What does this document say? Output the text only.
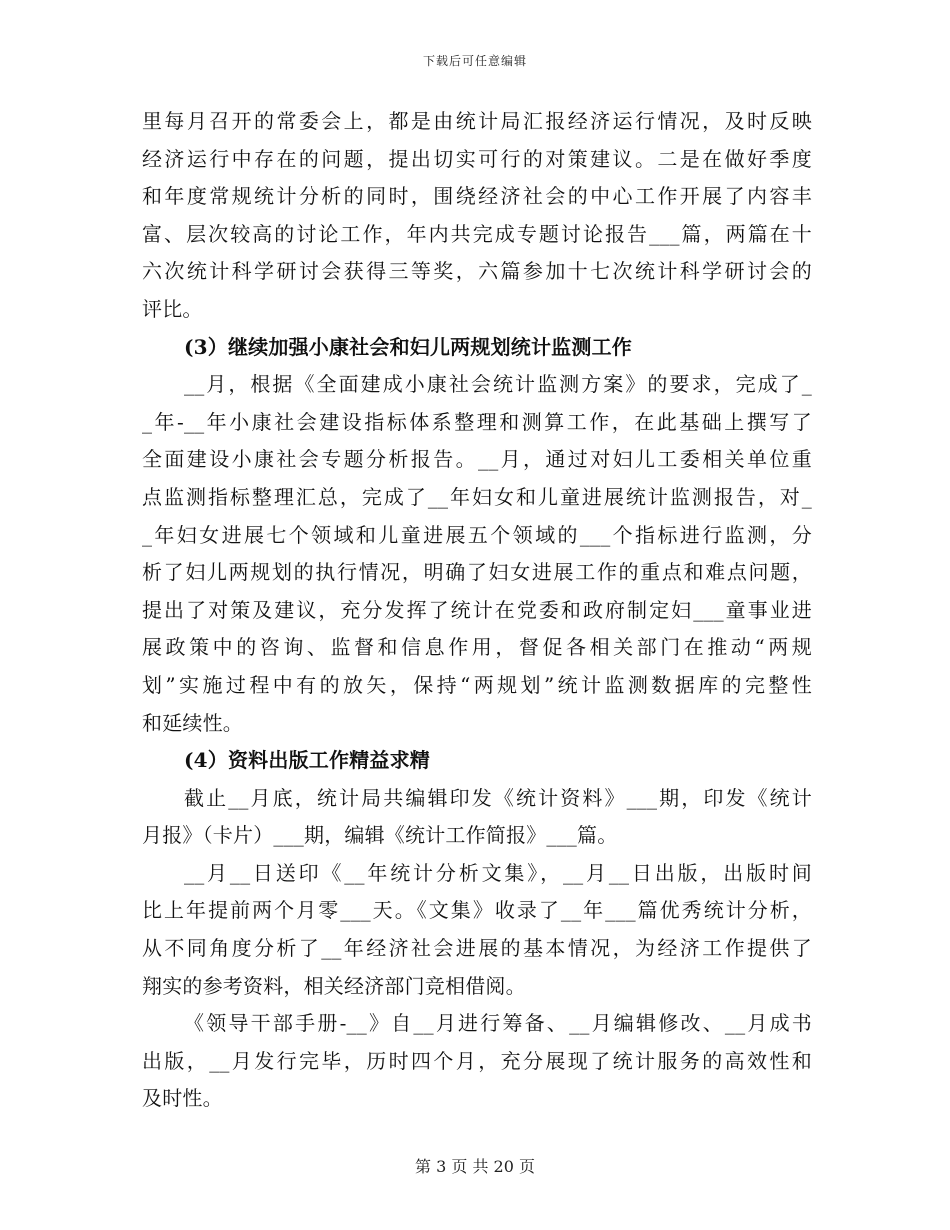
下载后可任意编辑
里每月召开的常委会上，都是由统计局汇报经济运行情况，及时反映
经济运行中存在的问题，提出切实可行的对策建议。二是在做好季度
和年度常规统计分析的同时，围绕经济社会的中心工作开展了内容丰
富、层次较高的讨论工作，年内共完成专题讨论报告___篇，两篇在十
六次统计科学研讨会获得三等奖，六篇参加十七次统计科学研讨会的
评比。
(3）继续加强小康社会和妇儿两规划统计监测工作
__月，根据《全面建成小康社会统计监测方案》的要求，完成了_
_年-__年小康社会建设指标体系整理和测算工作，在此基础上撰写了
全面建设小康社会专题分析报告。__月，通过对妇儿工委相关单位重
点监测指标整理汇总，完成了__年妇女和儿童进展统计监测报告，对_
_年妇女进展七个领域和儿童进展五个领域的___个指标进行监测，分
析了妇儿两规划的执行情况，明确了妇女进展工作的重点和难点问题，
提出了对策及建议，充分发挥了统计在党委和政府制定妇___童事业进
展政策中的咨询、监督和信息作用，督促各相关部门在推动“两规
划”实施过程中有的放矢，保持“两规划”统计监测数据库的完整性
和延续性。
(4）资料出版工作精益求精
截止__月底，统计局共编辑印发《统计资料》___期，印发《统计
月报》（卡片）___期，编辑《统计工作简报》___篇。
__月__日送印《__年统计分析文集》，__月__日出版，出版时间
比上年提前两个月零___天。《文集》收录了__年___篇优秀统计分析，
从不同角度分析了__年经济社会进展的基本情况，为经济工作提供了
翔实的参考资料，相关经济部门竞相借阅。
《领导干部手册-__》自__月进行筹备、__月编辑修改、__月成书
出版，__月发行完毕，历时四个月，充分展现了统计服务的高效性和
及时性。
第 3 页 共 20 页
